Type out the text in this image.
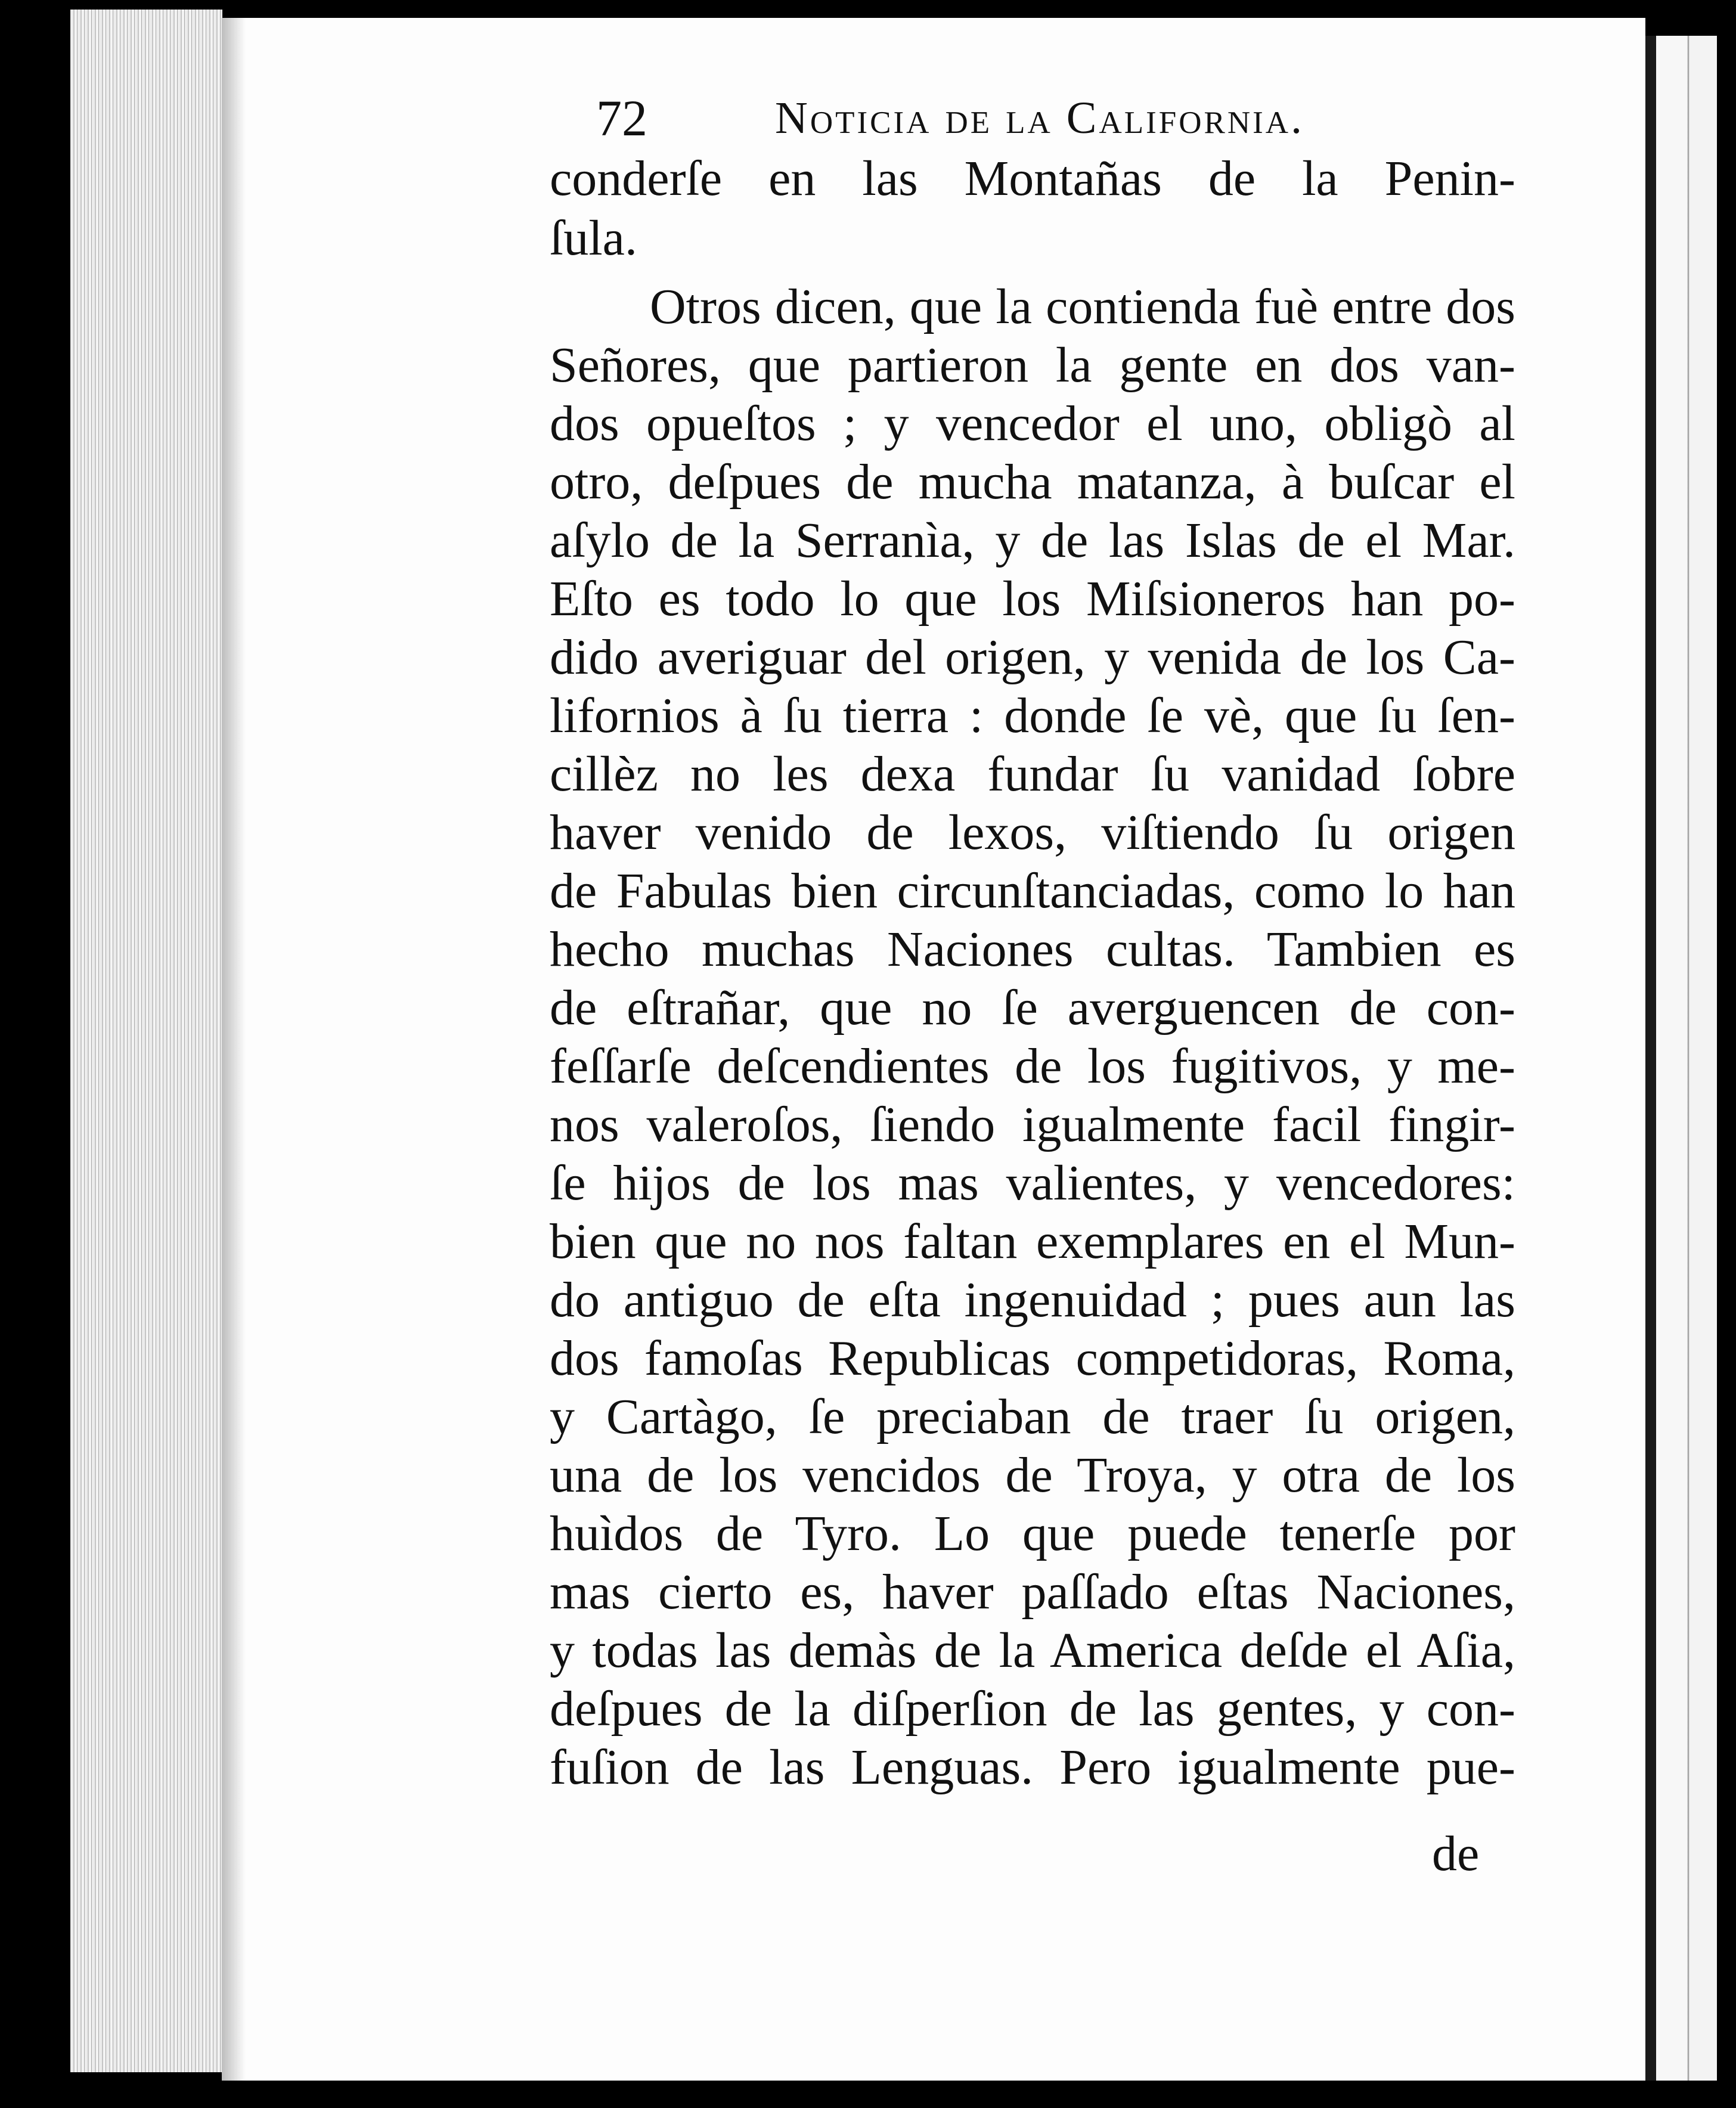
72	Noticia de la California.
conderſe en las Montañas de la Penin-
ſula.
Otros dicen, que la contienda fuè entre dos
Señores, que partieron la gente en dos van-
dos opueſtos ; y vencedor el uno, obligò al
otro, deſpues de mucha matanza, à buſcar el
aſylo de la Serranìa, y de las Islas de el Mar.
Eſto es todo lo que los Miſsioneros han po-
dido averiguar del origen, y venida de los Ca-
lifornios à ſu tierra : donde ſe vè, que ſu ſen-
cillèz no les dexa fundar ſu vanidad ſobre
haver venido de lexos, viſtiendo ſu origen
de Fabulas bien circunſtanciadas, como lo han
hecho muchas Naciones cultas. Tambien es
de eſtrañar, que no ſe averguencen de con-
feſſarſe deſcendientes de los fugitivos, y me-
nos valeroſos, ſiendo igualmente facil fingir-
ſe hijos de los mas valientes, y vencedores:
bien que no nos faltan exemplares en el Mun-
do antiguo de eſta ingenuidad ; pues aun las
dos famoſas Republicas competidoras, Roma,
y Cartàgo, ſe preciaban de traer ſu origen,
una de los vencidos de Troya, y otra de los
huìdos de Tyro. Lo que puede tenerſe por
mas cierto es, haver paſſado eſtas Naciones,
y todas las demàs de la America deſde el Aſia,
deſpues de la diſperſion de las gentes, y con-
fuſion de las Lenguas. Pero igualmente pue-
de
